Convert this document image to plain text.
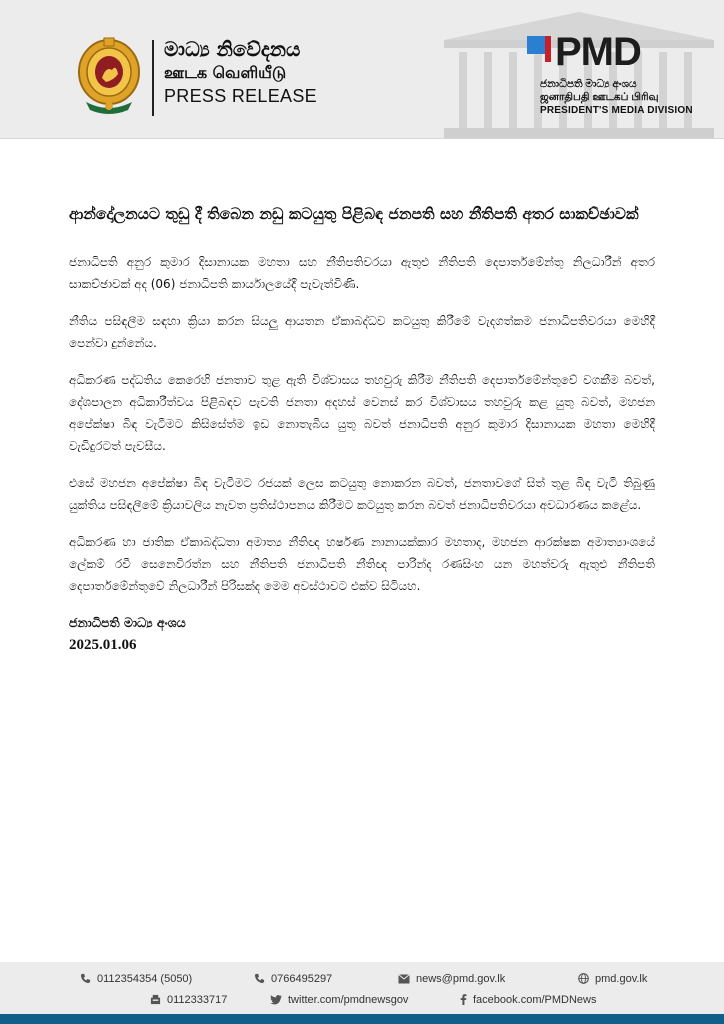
මාධ්‍ය නිවේදනය
ஊடக வெளியீடு
PRESS RELEASE
PMD
ජනාධිපති මාධ්‍ය අංශය
ஜனாதிபதி ஊடகப் பிரிவு
PRESIDENT'S MEDIA DIVISION
ආන්දෝලනයට තුඩු දී තිබෙන නඩු කටයුතු පිළිබඳ ජනපති සහ නීතිපති අතර සාකච්ඡාවක්

ජනාධිපති අනුර කුමාර දිසානායක මහතා සහ නීතිපතිවරයා ඇතුළු නීතිපති දෙපාර්තමේන්තු නිලධාරීන් අතර සාකච්ඡාවක් අද (06) ජනාධිපති කාර්යාලයේදී පැවැත්විණි.

නීතිය පසිඳලීම සඳහා ක්‍රියා කරන සියලු ආයතන ඒකාබද්ධව කටයුතු කිරීමේ වැදගත්කම ජනාධිපතිවරයා මෙහිදී පෙන්වා දුන්නේය.

අධිකරණ පද්ධතිය කෙරෙහි ජනතාව තුළ ඇති විශ්වාසය තහවුරු කිරීම නීතිපති දෙපාර්තමේන්තුවේ වගකීම බවත්, දේශපාලන අධිකාරීත්වය පිළිබඳව පැවති ජනතා අදහස් වෙනස් කර විශ්වාසය තහවුරු කළ යුතු බවත්, මහජන අපේක්ෂා බිඳ වැටීමට කිසිසේත්ම ඉඩ නොතැබිය යුතු බවත් ජනාධිපති අනුර කුමාර දිසානායක මහතා මෙහිදී වැඩිදුරටත් පැවසීය.

එසේ මහජන අපේක්ෂා බිඳ වැටීමට රජයක් ලෙස කටයුතු නොකරන බවත්, ජනතාවගේ සිත් තුළ බිඳ වැටී තිබුණු යුක්තිය පසිඳලීමේ ක්‍රියාවලිය නැවත ප්‍රතිස්ථාපනය කිරීමට කටයුතු කරන බවත් ජනාධිපතිවරයා අවධාරණය කළේය.

අධිකරණ හා ජාතික ඒකාබද්ධතා අමාත්‍ය නීතිඥ හර්ෂණ නානායක්කාර මහතාද, මහජන ආරක්ෂක අමාත්‍යාංශයේ ලේකම් රවී සෙනෙවිරත්න සහ නීතිපති ජනාධිපති නීතිඥ පාරින්ද රණසිංහ යන මහත්වරු ඇතුළු නීතිපති දෙපාර්තමේන්තුවේ නිලධාරීන් පිරිසක්ද මෙම අවස්ථාවට එක්ව සිටියහ.

ජනාධිපති මාධ්‍ය අංශය
2025.01.06
0112354354 (5050)	0766495297	news@pmd.gov.lk	pmd.gov.lk
0112333717	twitter.com/pmdnewsgov	facebook.com/PMDNews
